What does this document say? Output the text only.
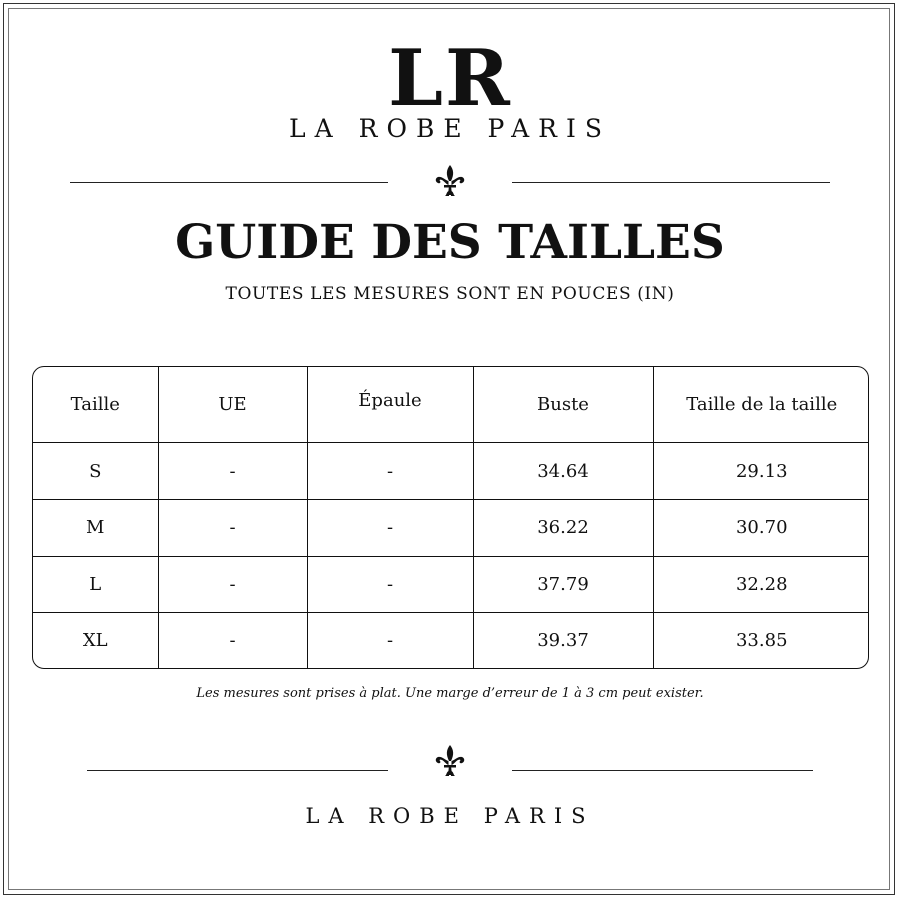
LR
LA ROBE PARIS
GUIDE DES TAILLES
TOUTES LES MESURES SONT EN POUCES (IN)
Taille	UE	Épaule	Buste	Taille de la taille
S	-	-	34.64	29.13
M	-	-	36.22	30.70
L	-	-	37.79	32.28
XL	-	-	39.37	33.85
Les mesures sont prises à plat. Une marge d’erreur de 1 à 3 cm peut exister.
LA ROBE PARIS
